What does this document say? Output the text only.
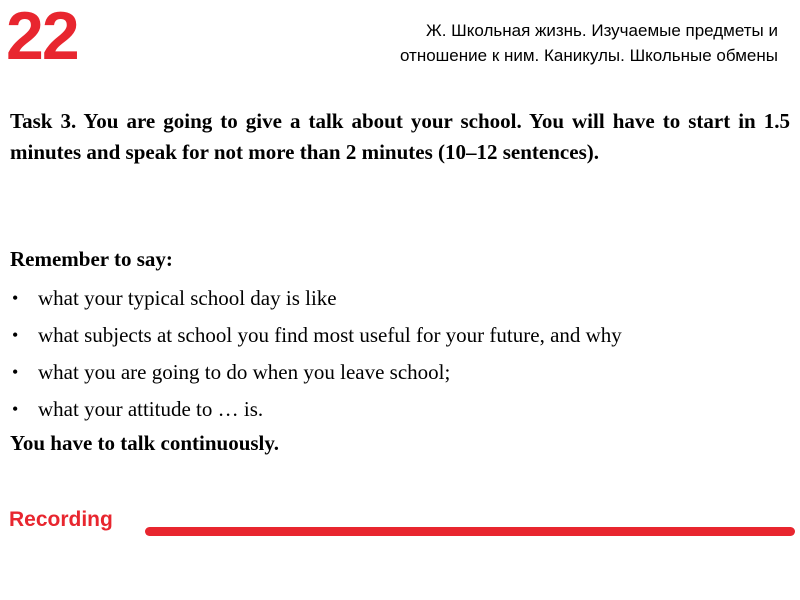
22	Ж. Школьная жизнь. Изучаемые предметы и
отношение к ним. Каникулы. Школьные обмены
Task 3. You are going to give a talk about your school. You will have to start in 1.5 minutes and speak for not more than 2 minutes (10–12 sentences).
Remember to say:
• what your typical school day is like
• what subjects at school you find most useful for your future, and why
• what you are going to do when you leave school;
• what your attitude to … is.
You have to talk continuously.
Recording
